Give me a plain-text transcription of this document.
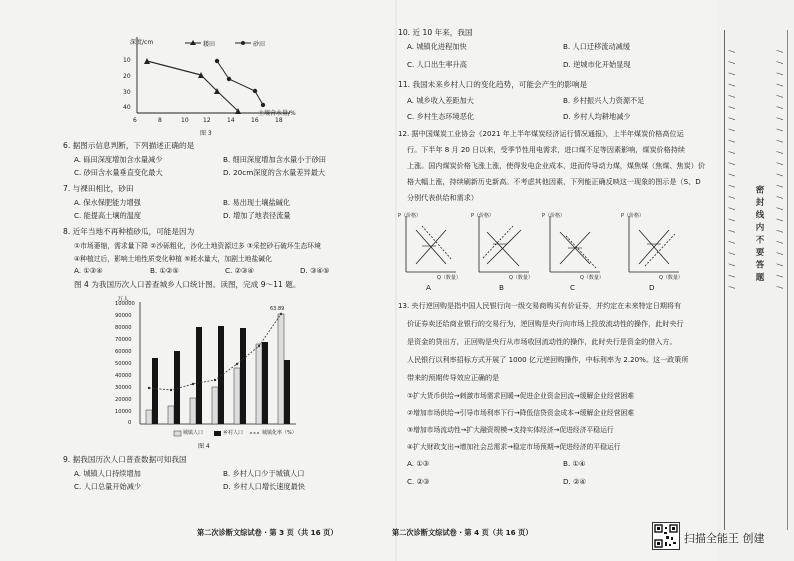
深度/cm	耧田	砂田
10
20
30
40
土壤含水量/%
6	8	10 12	14	16	18
图 3
6. 据图示信息判断，下列描述正确的是
A. 砾田深度增加含水量减少	B. 细田深度增加含水量小于砂田
C. 砂田含水量垂直变化最大	D. 20cm深度的含水量差异最大
7. 与裸田相比，砂田
A. 保水保肥能力增强	B. 易出现土壤盐碱化
C. 能提高土壤的温度	D. 增加了地表径流量
8. 近年当地不再种植砂瓜，可能是因为
①市场萎缩，需求量下降 ②沙砾粗化，沙化土地资源过多 ③采挖砂石破坏生态环境
④种植过后，影响土地性质变化种植 ⑤耗水量大，加剧土地盐碱化
A. ①③④	B. ①②⑤	C. ②③④	D. ③④⑤
图 4 为我国历次人口普查城乡人口统计图。读图，完成 9～11 题。
万人
100000
90000
80000
70000
60000
50000
40000
30000
20000
10000
0
63.89
城镇人口	乡村人口	城镇化率（%）
图 4
9. 据我国历次人口普查数据可知我国
A. 城镇人口持续增加	B. 乡村人口少于城镇人口
C. 人口总量开始减少	D. 乡村人口增长速度最快
第二次诊断文综试卷 · 第 3 页（共 16 页）
10. 近 10 年来，我国
A. 城镇化进程加快	B. 人口迁移流动减缓
C. 人口出生率升高	D. 逆城市化开始显现
11. 我国未来乡村人口的变化趋势，可能会产生的影响是
A. 城乡收入差距加大	B. 乡村振兴人力资源不足
C. 乡村生态环境恶化	D. 乡村人均耕地减少
12. 据中国煤炭工业协会《2021 年上半年煤炭经济运行情况通报》，上半年煤炭价格高位运
行。下半年 8 月 20 日以来，受季节性用电需求，进口煤不足等因素影响，煤炭价格持续
上涨。国内煤炭价格飞涨上涨，使得发电企业成本，进而传导动力煤，煤焦煤（焦煤、焦炭）价
格大幅上涨，持续刷新历史新高。不考虑其他因素，下列能正确反映这一现象的图示是（S、D
分别代表供给和需求）
P（价格）
Q（数量）
P（价格）
Q（数量）
P（价格）
Q（数量）
P（价格）
Q（数量）
A	B	C	D
13. 央行逆回购是指中国人民银行向一级交易商购买有价证券，并约定在未来特定日期将有
价证券卖还给商业银行的交易行为，逆回购是央行向市场上投放流动性的操作，此时央行
是资金的贷出方，正回购是央行从市场收回流动性的操作，此时央行是资金的借入方。
人民银行以利率招标方式开展了 1000 亿元逆回购操作，中标利率为 2.20%。这一政策所
带来的预期传导效应正确的是
①扩大货币供给→刺激市场需求回暖→促进企业资金回流→缓解企业经营困难
②增加市场供给→引导市场利率下行→降低信贷资金成本→缓解企业经营困难
③增加市场流动性→扩大融资规模→支持实体经济→促进经济平稳运行
④扩大财政支出→增加社会总需求→稳定市场预期→促进经济的平稳运行
A. ①③	B. ①④
C. ②③	D. ②④
第二次诊断文综试卷 · 第 4 页（共 16 页）
/ / / / / / / / / / / / / / / / / / / / / /	/ / / / / / / / / / / / / / / / / / / / / /
密封线内不要答题
扫描全能王 创建
